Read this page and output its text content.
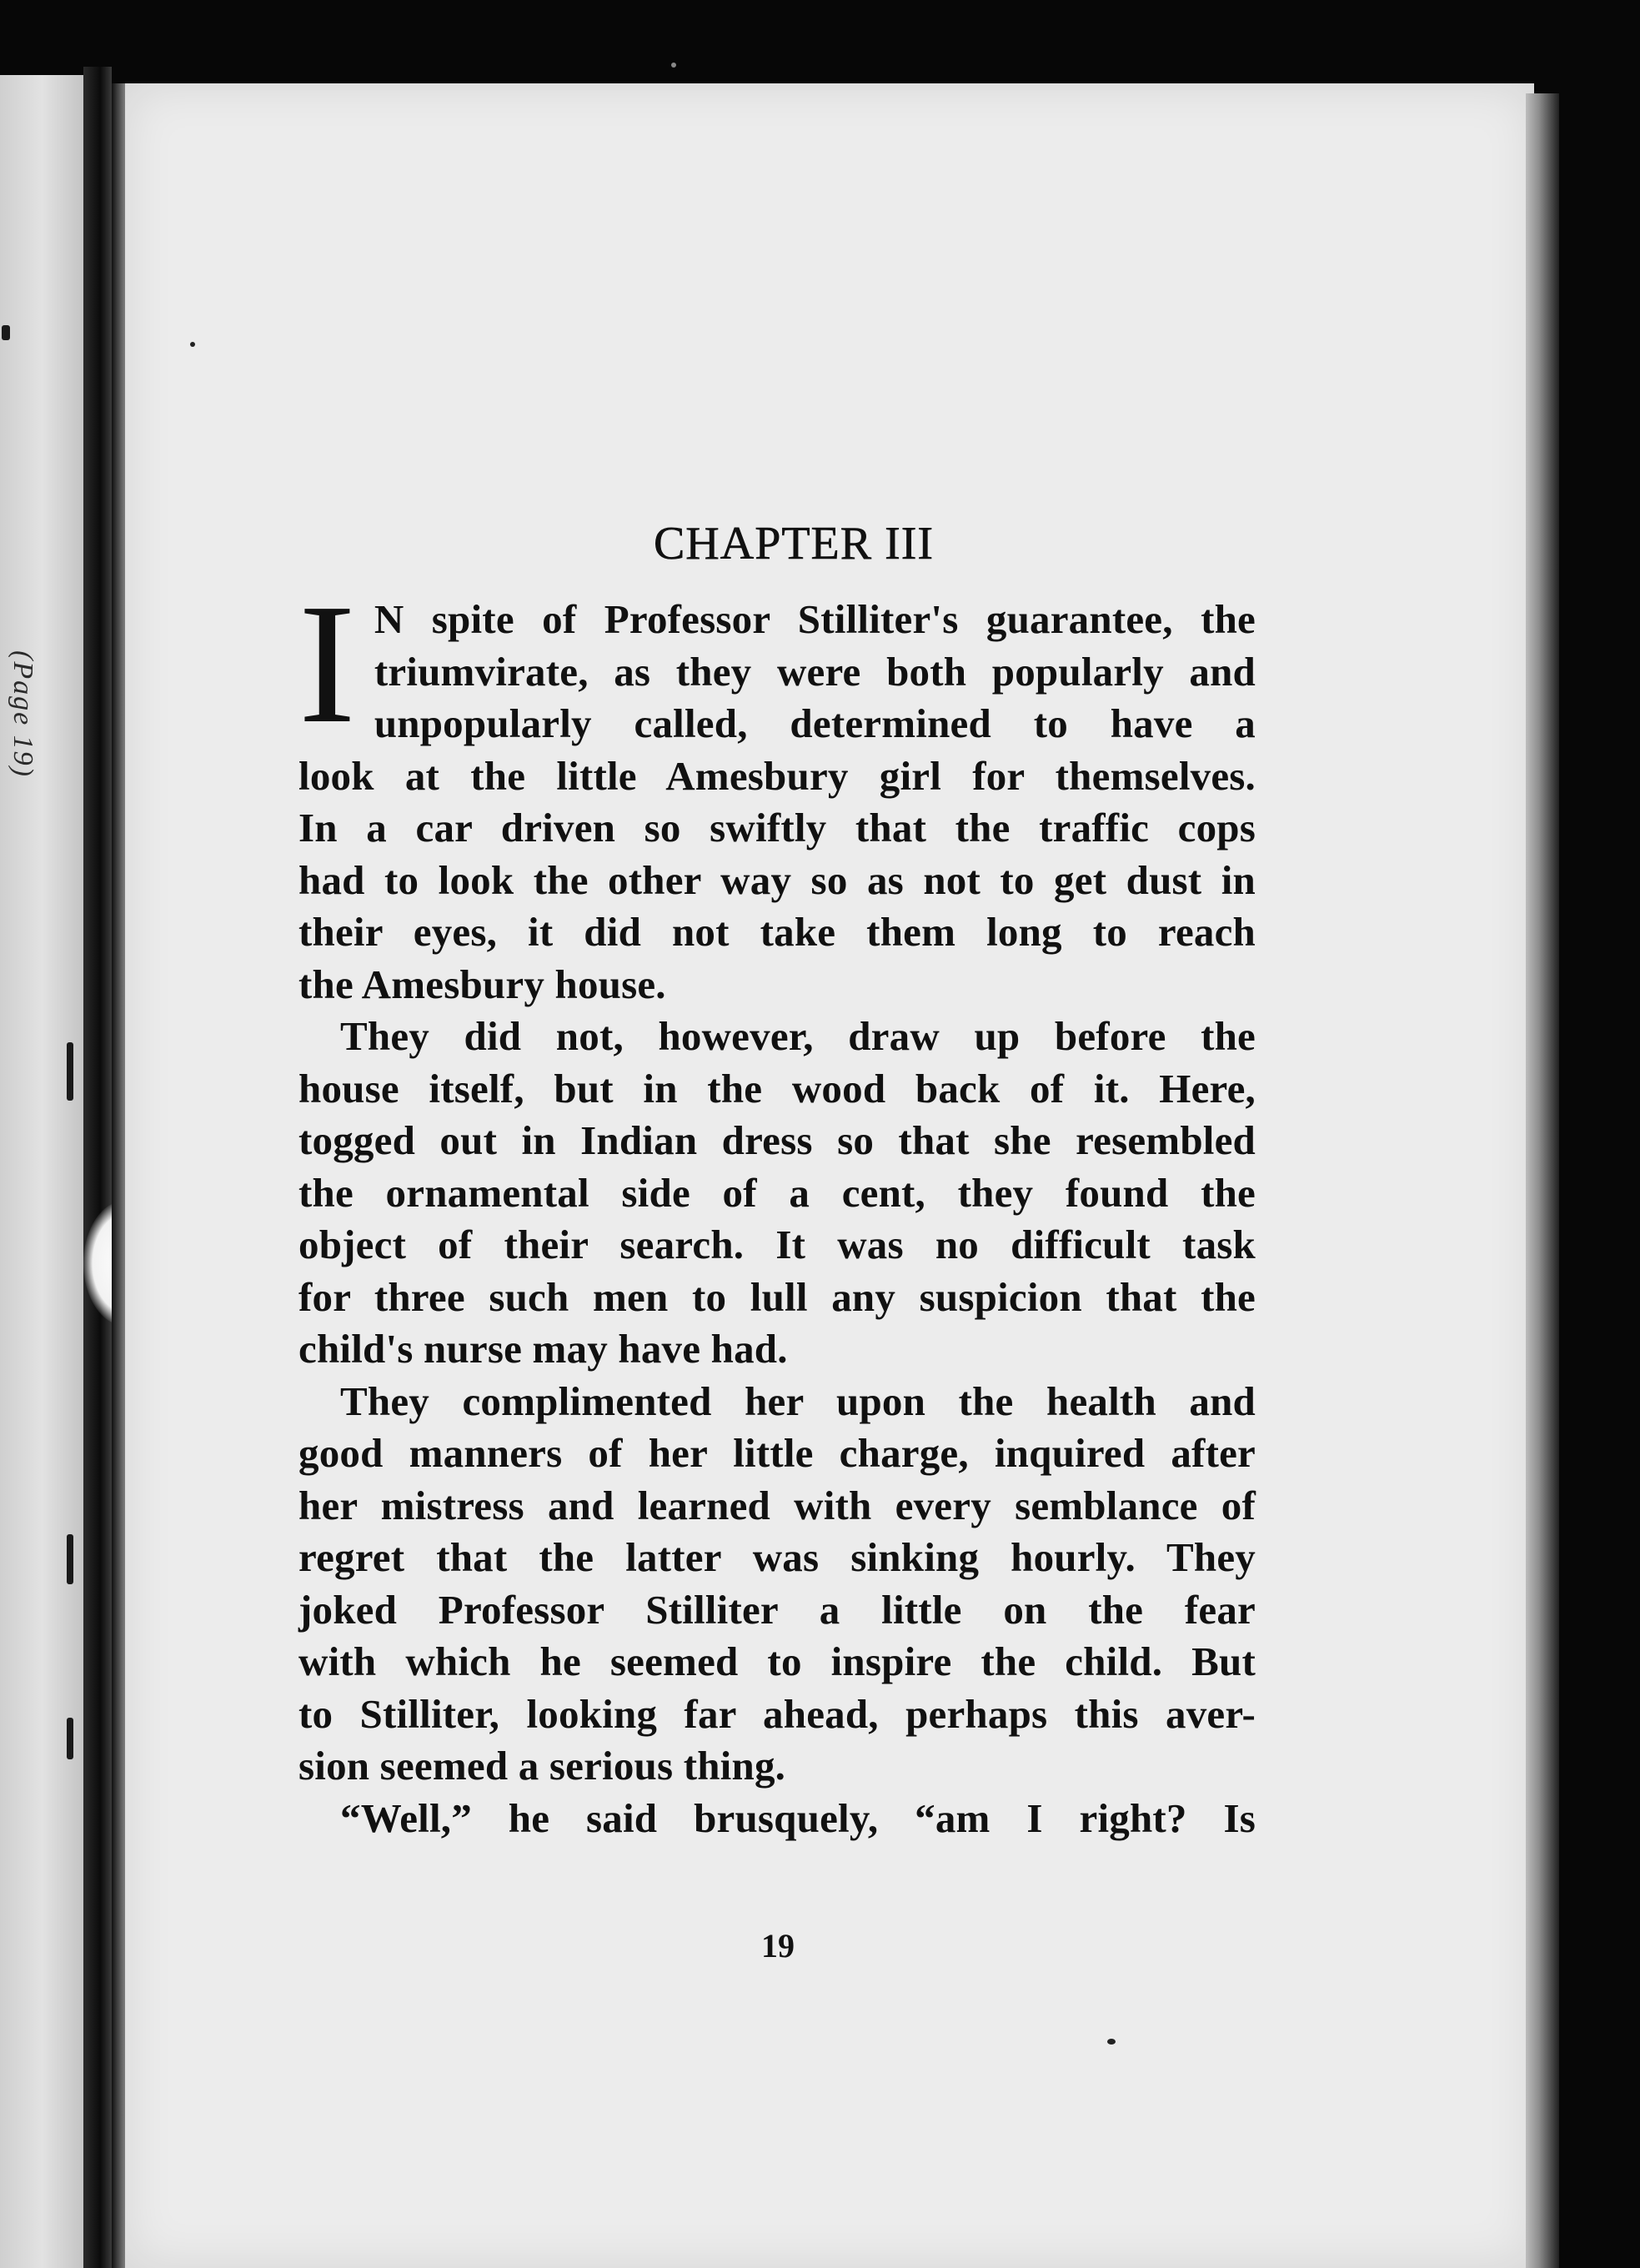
(Page 19)
CHAPTER III
I N spite of Professor Stilliter's guarantee, the
triumvirate, as they were both popularly and
unpopularly called, determined to have a
look at the little Amesbury girl for themselves.
In a car driven so swiftly that the traffic cops
had to look the other way so as not to get dust in
their eyes, it did not take them long to reach
the Amesbury house.
They did not, however, draw up before the
house itself, but in the wood back of it. Here,
togged out in Indian dress so that she resembled
the ornamental side of a cent, they found the
object of their search. It was no difficult task
for three such men to lull any suspicion that the
child's nurse may have had.
They complimented her upon the health and
good manners of her little charge, inquired after
her mistress and learned with every semblance of
regret that the latter was sinking hourly. They
joked Professor Stilliter a little on the fear
with which he seemed to inspire the child. But
to Stilliter, looking far ahead, perhaps this aver-
sion seemed a serious thing.
“Well,” he said brusquely, “am I right? Is
19
